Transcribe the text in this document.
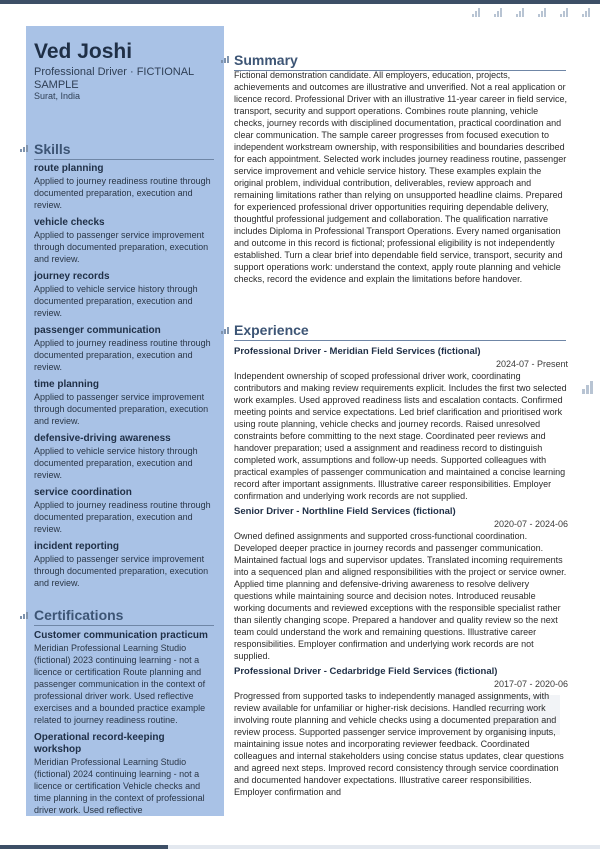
Ved Joshi
Professional Driver · FICTIONAL SAMPLE
Surat, India
Skills
route planning
Applied to journey readiness routine through documented preparation, execution and review.
vehicle checks
Applied to passenger service improvement through documented preparation, execution and review.
journey records
Applied to vehicle service history through documented preparation, execution and review.
passenger communication
Applied to journey readiness routine through documented preparation, execution and review.
time planning
Applied to passenger service improvement through documented preparation, execution and review.
defensive-driving awareness
Applied to vehicle service history through documented preparation, execution and review.
service coordination
Applied to journey readiness routine through documented preparation, execution and review.
incident reporting
Applied to passenger service improvement through documented preparation, execution and review.
Certifications
Customer communication practicum
Meridian Professional Learning Studio (fictional) 2023 continuing learning - not a licence or certification Route planning and passenger communication in the context of professional driver work. Used reflective exercises and a bounded practice example related to journey readiness routine.
Operational record-keeping workshop
Meridian Professional Learning Studio (fictional) 2024 continuing learning - not a licence or certification Vehicle checks and time planning in the context of professional driver work. Used reflective
Summary

Fictional demonstration candidate. All employers, education, projects, achievements and outcomes are illustrative and unverified. Not a real application or licence record. Professional Driver with an illustrative 11-year career in field service, transport, security and support operations. Combines route planning, vehicle checks, journey records with disciplined documentation, practical coordination and clear communication. The sample career progresses from focused execution to independent workstream ownership, with responsibilities and boundaries described for each appointment. Selected work includes journey readiness routine, passenger service improvement and vehicle service history. These examples explain the original problem, individual contribution, deliverables, review approach and remaining limitations rather than relying on unsupported headline claims. Prepared for experienced professional driver opportunities requiring dependable delivery, thoughtful professional judgement and collaboration. The qualification narrative includes Diploma in Professional Transport Operations. Every named organisation and outcome in this record is fictional; professional eligibility is not independently established. Turn a clear brief into dependable field service, transport, security and support operations work: understand the context, apply route planning and vehicle checks, record the evidence and explain the limitations before handover.

Experience
Professional Driver - Meridian Field Services (fictional)
2024-07 - Present

Independent ownership of scoped professional driver work, coordinating contributors and making review requirements explicit. Includes the first two selected work examples. Used approved readiness lists and escalation contacts. Confirmed meeting points and service expectations. Led brief clarification and prioritised work using route planning, vehicle checks and journey records. Raised unresolved constraints before committing to the next stage. Coordinated peer reviews and handover preparation; used a assignment and readiness record to distinguish completed work, assumptions and follow-up needs. Supported colleagues with practical examples of passenger communication and maintained a concise learning record after important assignments. Illustrative career responsibilities. Employer confirmation and underlying work records are not supplied.

Senior Driver - Northline Field Services (fictional)
2020-07 - 2024-06

Owned defined assignments and supported cross-functional coordination. Developed deeper practice in journey records and passenger communication. Maintained factual logs and supervisor updates. Translated incoming requirements into a sequenced plan and aligned responsibilities with the project or service owner. Applied time planning and defensive-driving awareness to resolve delivery questions while maintaining source and decision notes. Introduced reusable working documents and reviewed exceptions with the responsible specialist rather than silently changing scope. Prepared a handover and quality review so the next team could understand the work and remaining questions. Illustrative career responsibilities. Employer confirmation and underlying work records are not supplied.

Professional Driver - Cedarbridge Field Services (fictional)
2017-07 - 2020-06

Progressed from supported tasks to independently managed assignments, with review available for unfamiliar or higher-risk decisions. Handled recurring work involving route planning and vehicle checks using a documented preparation and review process. Supported passenger service improvement by organising inputs, maintaining issue notes and incorporating reviewer feedback. Coordinated colleagues and internal stakeholders using concise status updates, clear questions and agreed next steps. Improved record consistency through service coordination and documented handover expectations. Illustrative career responsibilities. Employer confirmation and
